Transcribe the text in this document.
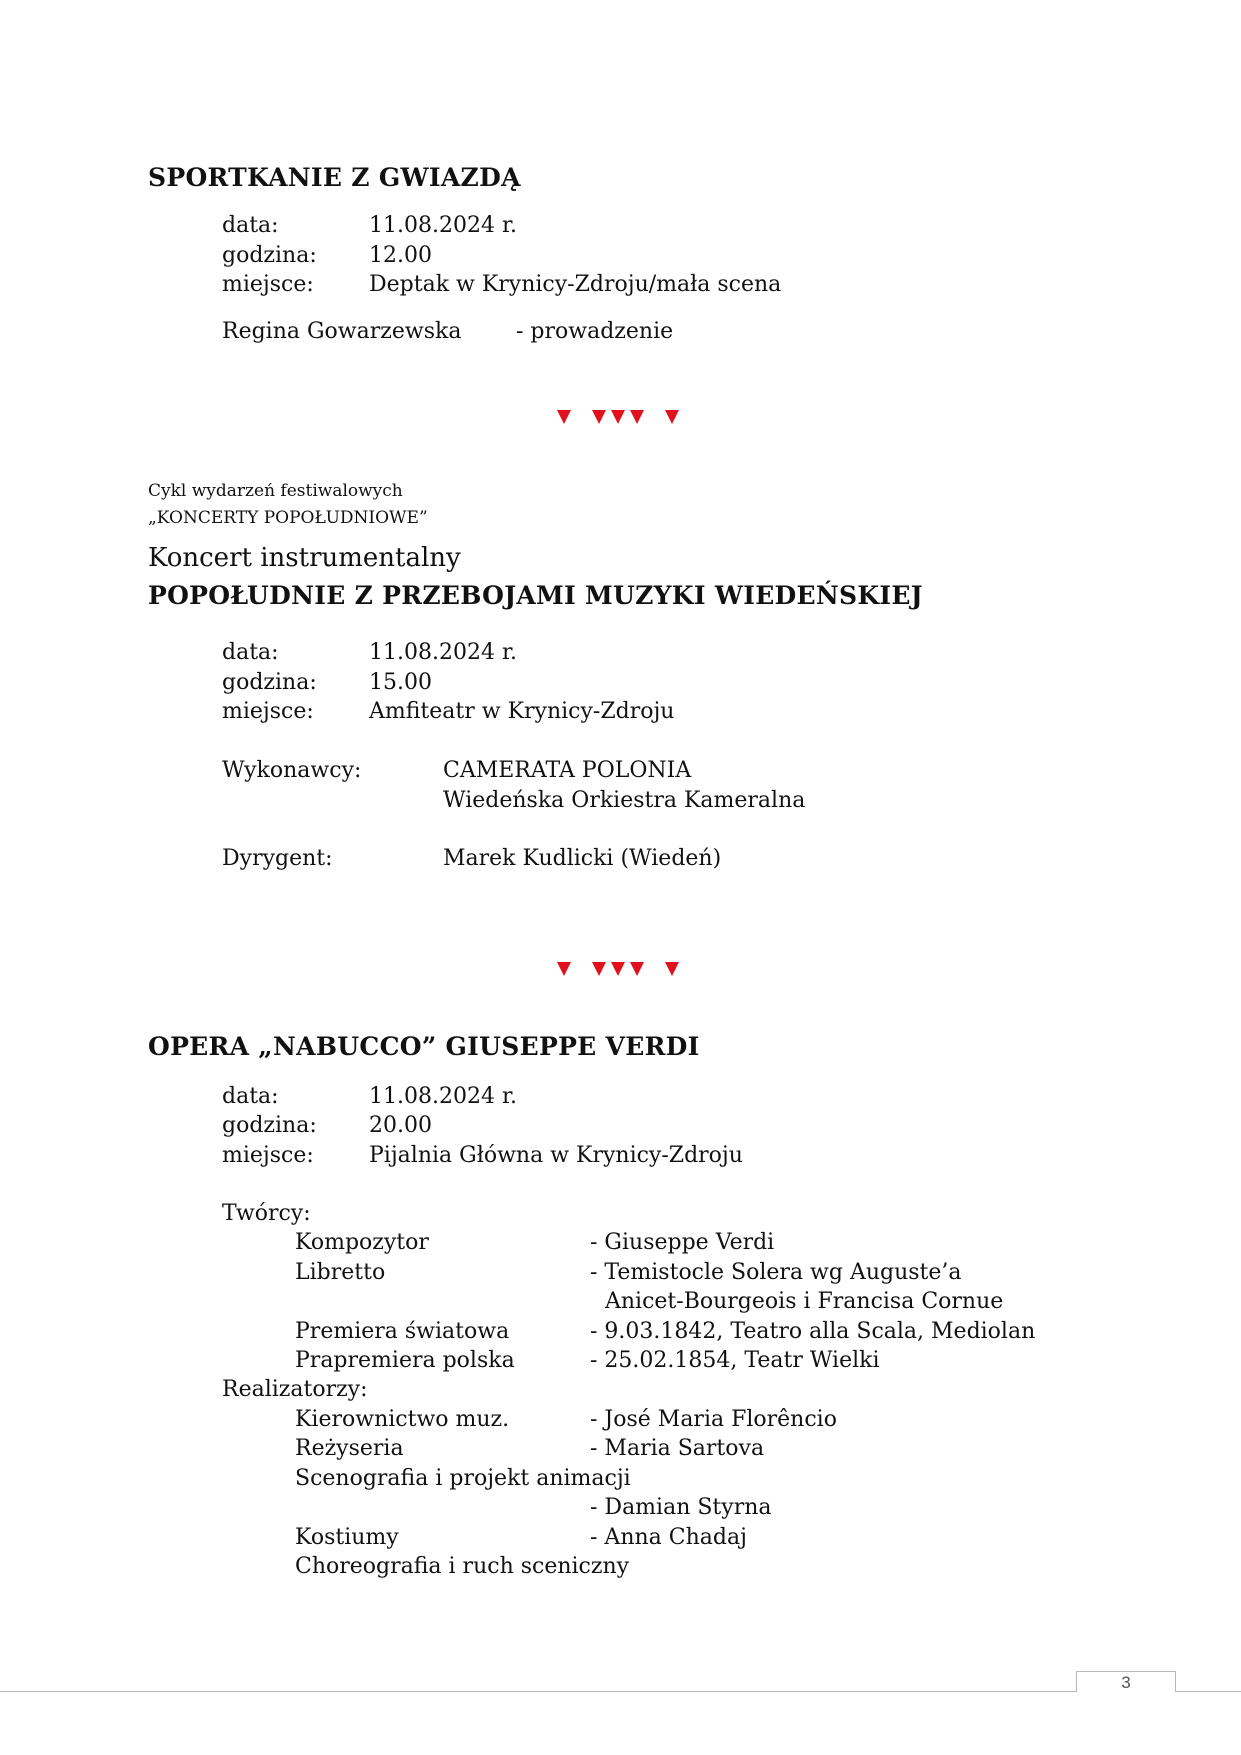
SPORTKANIE Z GWIAZDĄ
data:	11.08.2024 r.
godzina: 12.00
miejsce:	Deptak w Krynicy-Zdroju/mała scena
Regina Gowarzewska - prowadzenie
Cykl wydarzeń festiwalowych
„KONCERTY POPOŁUDNIOWE”
Koncert instrumentalny
POPOŁUDNIE Z PRZEBOJAMI MUZYKI WIEDEŃSKIEJ
data:	11.08.2024 r.
godzina: 15.00
miejsce:	Amfiteatr w Krynicy-Zdroju
Wykonawcy:	CAMERATA POLONIA
Wiedeńska Orkiestra Kameralna
Dyrygent:	Marek Kudlicki (Wiedeń)
OPERA „NABUCCO” GIUSEPPE VERDI
data:	11.08.2024 r.
godzina: 20.00
miejsce:	Pijalnia Główna w Krynicy-Zdroju
Twórcy:
Kompozytor	- Giuseppe Verdi
Libretto	- Temistocle Solera wg Auguste’a
Anicet-Bourgeois i Francisa Cornue
Premiera światowa	- 9.03.1842, Teatro alla Scala, Mediolan
Prapremiera polska	- 25.02.1854, Teatr Wielki
Realizatorzy:
Kierownictwo muz.	- José Maria Florêncio
Reżyseria	- Maria Sartova
Scenografia i projekt animacji
- Damian Styrna
Kostiumy	- Anna Chadaj
Choreografia i ruch sceniczny
3
